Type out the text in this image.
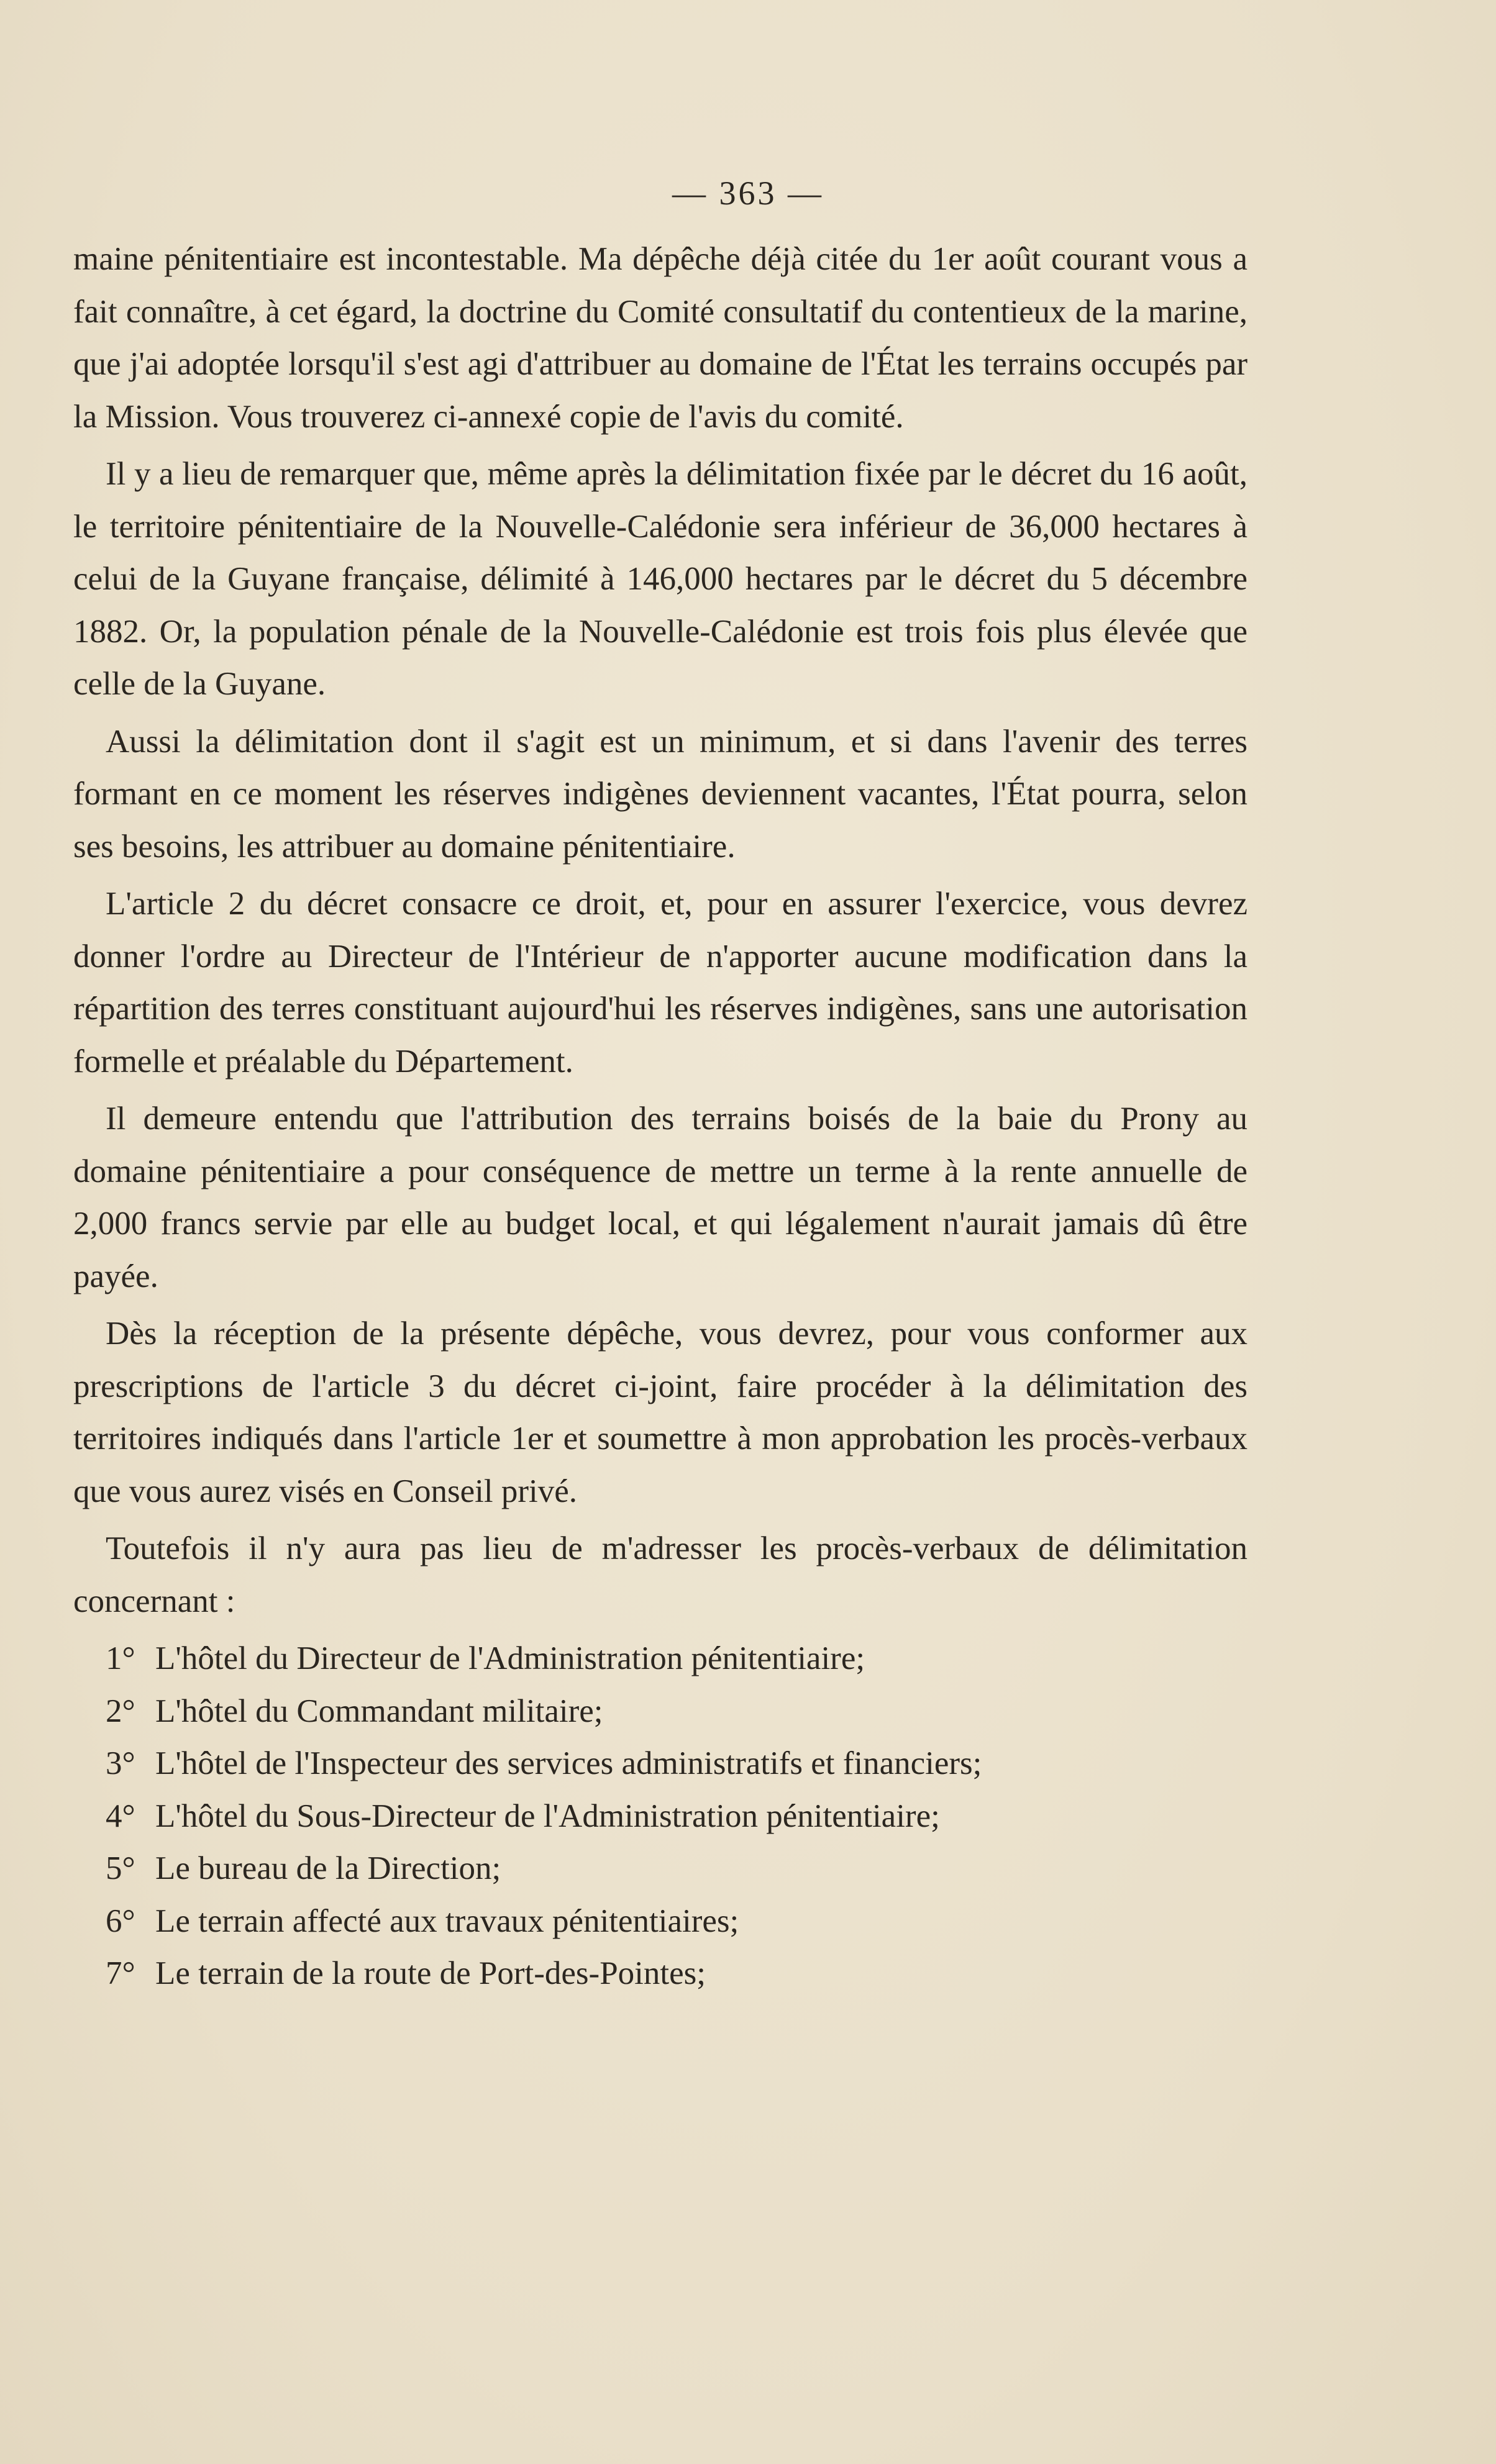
— 363 —

maine pénitentiaire est incontestable. Ma dépêche déjà citée du 1er août courant vous a fait connaître, à cet égard, la doctrine du Comité consultatif du contentieux de la marine, que j'ai adoptée lorsqu'il s'est agi d'attribuer au domaine de l'État les terrains occupés par la Mission. Vous trouverez ci-annexé copie de l'avis du comité.

Il y a lieu de remarquer que, même après la délimitation fixée par le décret du 16 août, le territoire pénitentiaire de la Nouvelle-Calédonie sera inférieur de 36,000 hectares à celui de la Guyane française, délimité à 146,000 hectares par le décret du 5 décembre 1882. Or, la population pénale de la Nouvelle-Calédonie est trois fois plus élevée que celle de la Guyane.

Aussi la délimitation dont il s'agit est un minimum, et si dans l'avenir des terres formant en ce moment les réserves indigènes deviennent vacantes, l'État pourra, selon ses besoins, les attribuer au domaine pénitentiaire.

L'article 2 du décret consacre ce droit, et, pour en assurer l'exercice, vous devrez donner l'ordre au Directeur de l'Intérieur de n'apporter aucune modification dans la répartition des terres constituant aujourd'hui les réserves indigènes, sans une autorisation formelle et préalable du Département.

Il demeure entendu que l'attribution des terrains boisés de la baie du Prony au domaine pénitentiaire a pour conséquence de mettre un terme à la rente annuelle de 2,000 francs servie par elle au budget local, et qui légalement n'aurait jamais dû être payée.

Dès la réception de la présente dépêche, vous devrez, pour vous conformer aux prescriptions de l'article 3 du décret ci-joint, faire procéder à la délimitation des territoires indiqués dans l'article 1er et soumettre à mon approbation les procès-verbaux que vous aurez visés en Conseil privé.

Toutefois il n'y aura pas lieu de m'adresser les procès-verbaux de délimitation concernant :

1° L'hôtel du Directeur de l'Administration pénitentiaire;
2° L'hôtel du Commandant militaire;
3° L'hôtel de l'Inspecteur des services administratifs et financiers;
4° L'hôtel du Sous-Directeur de l'Administration pénitentiaire;
5° Le bureau de la Direction;
6° Le terrain affecté aux travaux pénitentiaires;
7° Le terrain de la route de Port-des-Pointes;
